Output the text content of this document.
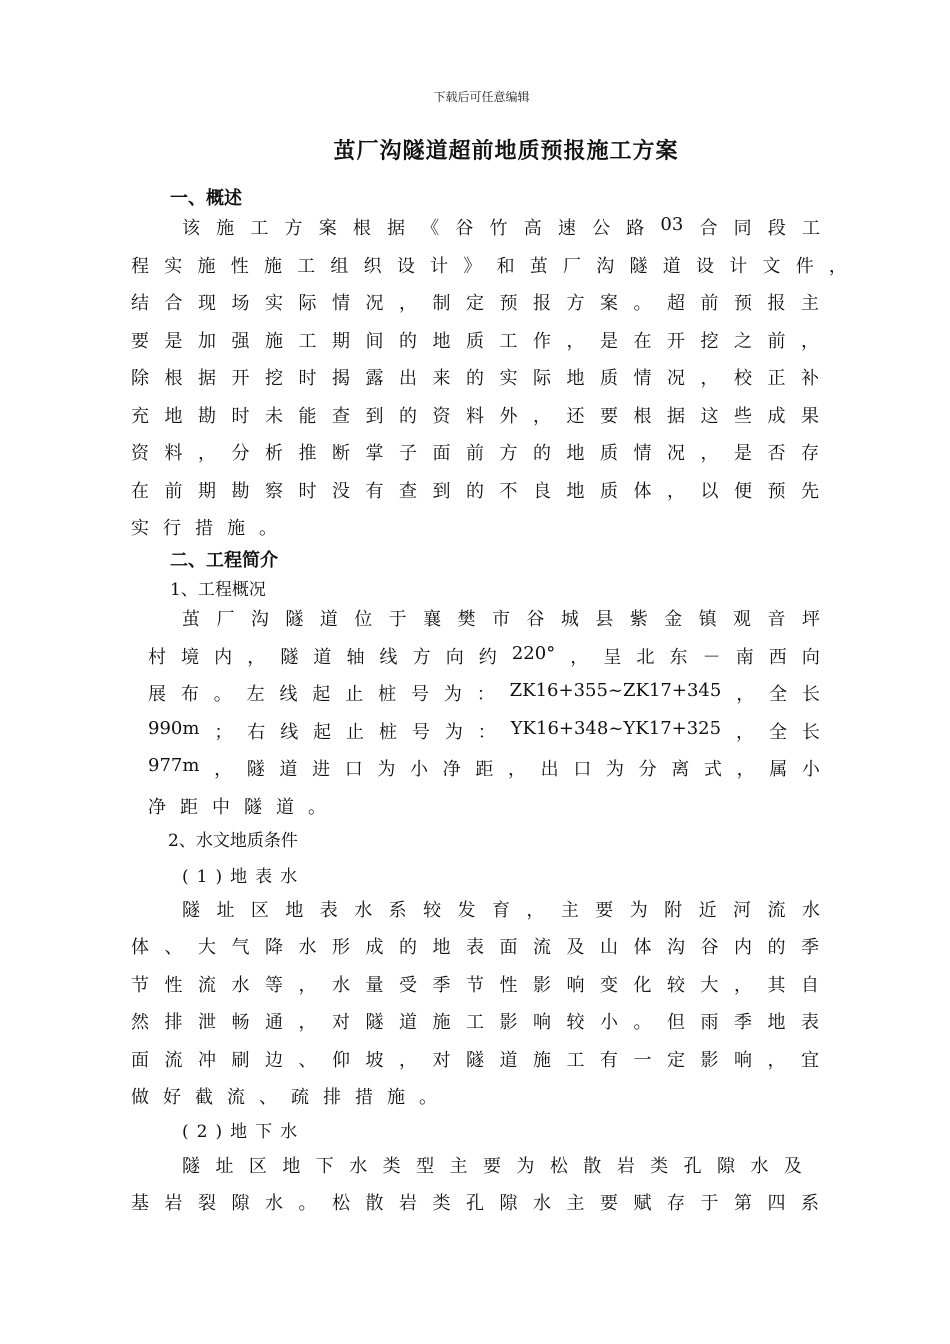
下载后可任意编辑
茧厂沟隧道超前地质预报施工方案
一、概述
该 施 工 方 案 根 据 《 谷 竹 高 速 公 路 03 合 同 段 工
程 实 施 性 施 工 组 织 设 计 》 和 茧 厂 沟 隧 道 设 计 文 件 ，
结 合 现 场 实 际 情 况 ， 制 定 预 报 方 案 。 超 前 预 报 主
要 是 加 强 施 工 期 间 的 地 质 工 作 ， 是 在 开 挖 之 前 ，
除 根 据 开 挖 时 揭 露 出 来 的 实 际 地 质 情 况 ， 校 正 补
充 地 勘 时 未 能 查 到 的 资 料 外 ， 还 要 根 据 这 些 成 果
资 料 ， 分 析 推 断 掌 子 面 前 方 的 地 质 情 况 ， 是 否 存
在 前 期 勘 察 时 没 有 查 到 的 不 良 地 质 体 ， 以 便 预 先
实 行 措 施 。
二、工程简介
1、工程概况
茧 厂 沟 隧 道 位 于 襄 樊 市 谷 城 县 紫 金 镇 观 音 坪
村 境 内 ， 隧 道 轴 线 方 向 约 220° ， 呈 北 东 － 南 西 向
展 布 。 左 线 起 止 桩 号 为 ： ZK16+355~ZK17+345 ， 全 长
990m ； 右 线 起 止 桩 号 为 ： YK16+348~YK17+325 ， 全 长
977m ， 隧 道 进 口 为 小 净 距 ， 出 口 为 分 离 式 ， 属 小
净 距 中 隧 道 。
2、水文地质条件
(1)地表水
隧 址 区 地 表 水 系 较 发 育 ， 主 要 为 附 近 河 流 水
体 、 大 气 降 水 形 成 的 地 表 面 流 及 山 体 沟 谷 内 的 季
节 性 流 水 等 ， 水 量 受 季 节 性 影 响 变 化 较 大 ， 其 自
然 排 泄 畅 通 ， 对 隧 道 施 工 影 响 较 小 。 但 雨 季 地 表
面 流 冲 刷 边 、 仰 坡 ， 对 隧 道 施 工 有 一 定 影 响 ， 宜
做 好 截 流 、 疏 排 措 施 。
(2)地下水
隧 址 区 地 下 水 类 型 主 要 为 松 散 岩 类 孔 隙 水 及
基 岩 裂 隙 水 。 松 散 岩 类 孔 隙 水 主 要 赋 存 于 第 四 系
